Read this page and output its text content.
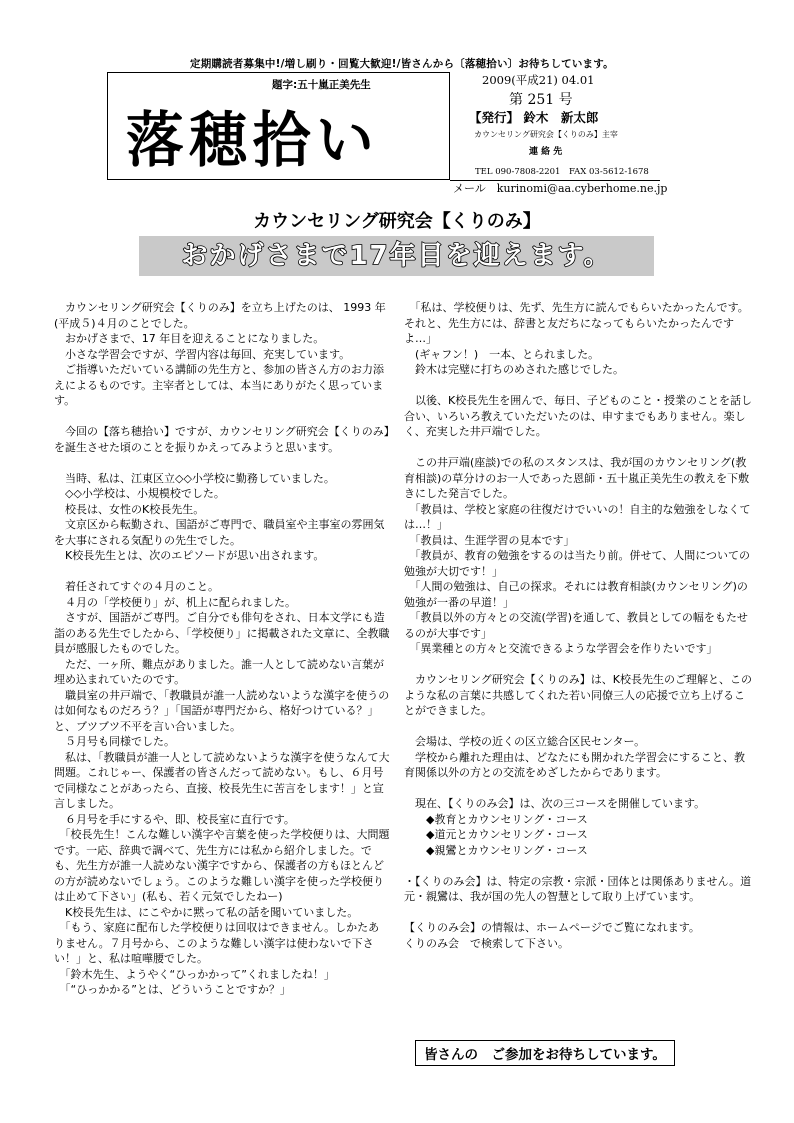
定期購読者募集中!/増し刷り・回覧大歓迎!/皆さんから〔落穂拾い〕お待ちしています。
題字:五十嵐正美先生
落穂拾い
2009(平成21) 04.01
第 251 号
【発行】 鈴木　新太郎
カウンセリング研究会【くりのみ】主宰
連 絡 先
TEL 090-7808-2201　FAX 03-5612-1678
メール　kurinomi@aa.cyberhome.ne.jp
カウンセリング研究会【くりのみ】
おかげさまで17年目を迎えます。

　カウンセリング研究会【くりのみ】を立ち上げたのは、 1993 年(平成５)４月のことでした。

　おかげさまで、17 年目を迎えることになりました。

　小さな学習会ですが、学習内容は毎回、充実しています。

　ご指導いただいている講師の先生方と、参加の皆さん方のお力添えによるものです。主宰者としては、本当にありがたく思っています。

　今回の【落ち穂拾い】ですが、カウンセリング研究会【くりのみ】を誕生させた頃のことを振りかえってみようと思います。

　当時、私は、江東区立◇◇小学校に勤務していました。

　◇◇小学校は、小規模校でした。

　校長は、女性のK校長先生。

　文京区から転勤され、国語がご専門で、職員室や主事室の雰囲気を大事にされる気配りの先生でした。

　K校長先生とは、次のエピソードが思い出されます。

　着任されてすぐの４月のこと。

　４月の「学校便り」が、机上に配られました。

　さすが、国語がご専門。ご自分でも俳句をされ、日本文学にも造詣のある先生でしたから、「学校便り」に掲載された文章に、全教職員が感服したものでした。

　ただ、一ヶ所、難点がありました。誰一人として読めない言葉が埋め込まれていたのです。

　職員室の井戸端で、「教職員が誰一人読めないような漢字を使うのは如何なものだろう？」「国語が専門だから、格好つけている？」と、ブツブツ不平を言い合いました。

　５月号も同様でした。

　私は、「教職員が誰一人として読めないような漢字を使うなんて大問題。これじゃー、保護者の皆さんだって読めない。もし、６月号で同様なことがあったら、直接、校長先生に苦言をします！」と宣言しました。

　６月号を手にするや、即、校長室に直行です。

　「校長先生！こんな難しい漢字や言葉を使った学校便りは、大問題です。一応、辞典で調べて、先生方には私から紹介しました。でも、先生方が誰一人読めない漢字ですから、保護者の方もほとんどの方が読めないでしょう。このような難しい漢字を使った学校便りは止めて下さい」(私も、若く元気でしたねー)

　K校長先生は、にこやかに黙って私の話を聞いていました。

　「もう、家庭に配布した学校便りは回収はできません。しかたありません。７月号から、このような難しい漢字は使わないで下さい！」と、私は喧嘩腰でした。

　「鈴木先生、ようやく“ひっかかって”くれましたね！」

　「“ひっかかる”とは、どういうことですか？」

　「私は、学校便りは、先ず、先生方に読んでもらいたかったんです。それと、先生方には、辞書と友だちになってもらいたかったんですよ…」

　(ギャフン！)　一本、とられました。

　鈴木は完璧に打ちのめされた感じでした。

　以後、K校長先生を囲んで、毎日、子どものこと・授業のことを話し合い、いろいろ教えていただいたのは、申すまでもありません。楽しく、充実した井戸端でした。

　この井戸端(座談)での私のスタンスは、我が国のカウンセリング(教育相談)の草分けのお一人であった恩師・五十嵐正美先生の教えを下敷きにした発言でした。

　「教員は、学校と家庭の往復だけでいいの！自主的な勉強をしなくては…！」

　「教員は、生涯学習の見本です」

　「教員が、教育の勉強をするのは当たり前。併せて、人間についての勉強が大切です！」

　「人間の勉強は、自己の探求。それには教育相談(カウンセリング)の勉強が一番の早道！」

　「教員以外の方々との交流(学習)を通して、教員としての幅をもたせるのが大事です」

　「異業種との方々と交流できるような学習会を作りたいです」

　カウンセリング研究会【くりのみ】は、K校長先生のご理解と、このような私の言葉に共感してくれた若い同僚三人の応援で立ち上げることができました。

　会場は、学校の近くの区立総合区民センター。

　学校から離れた理由は、どなたにも開かれた学習会にすること、教育関係以外の方との交流をめざしたからであります。

　現在、【くりのみ会】は、次の三コースを開催しています。

　　◆教育とカウンセリング・コース

　　◆道元とカウンセリング・コース

　　◆親鸞とカウンセリング・コース

・【くりのみ会】は、特定の宗教・宗派・団体とは関係ありません。道元・親鸞は、我が国の先人の智慧として取り上げています。

【くりのみ会】の情報は、ホームページでご覧になれます。

くりのみ会　で検索して下さい。

皆さんの　ご参加をお待ちしています。
